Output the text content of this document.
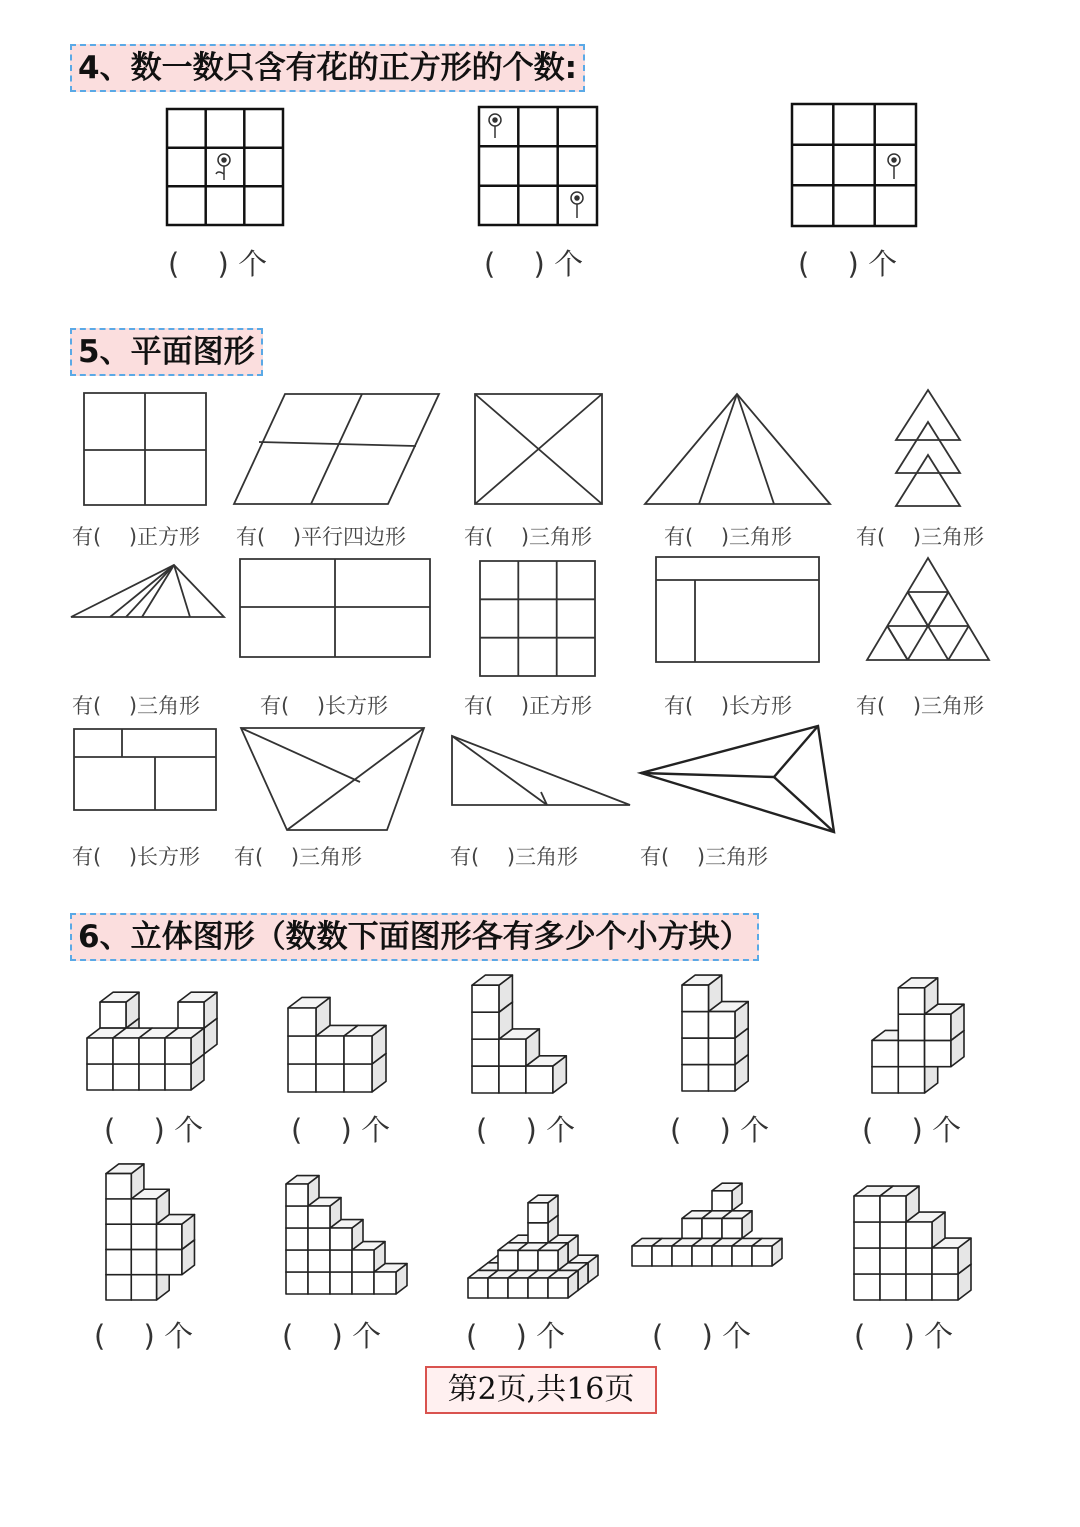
4、数一数只含有花的正方形的个数:
(　 ) 个	(　 ) 个	(　 ) 个
5、平面图形
有(　 )正方形 有(　 )平行四边形	有(　 )三角形	有(　 )三角形	有(　 )三角形
有(　 )三角形	有(　 )长方形	有(　 )正方形	有(　 )长方形	有(　 )三角形
有(　 )长方形 有(　 )三角形	有(　 )三角形	有(　 )三角形
6、立体图形（数数下面图形各有多少个小方块）
(　 ) 个	(　 ) 个	(　 ) 个	(　 ) 个	(　 ) 个
(　 ) 个	(　 ) 个	(　 ) 个	(　 ) 个	(　 ) 个
第2页,共16页
